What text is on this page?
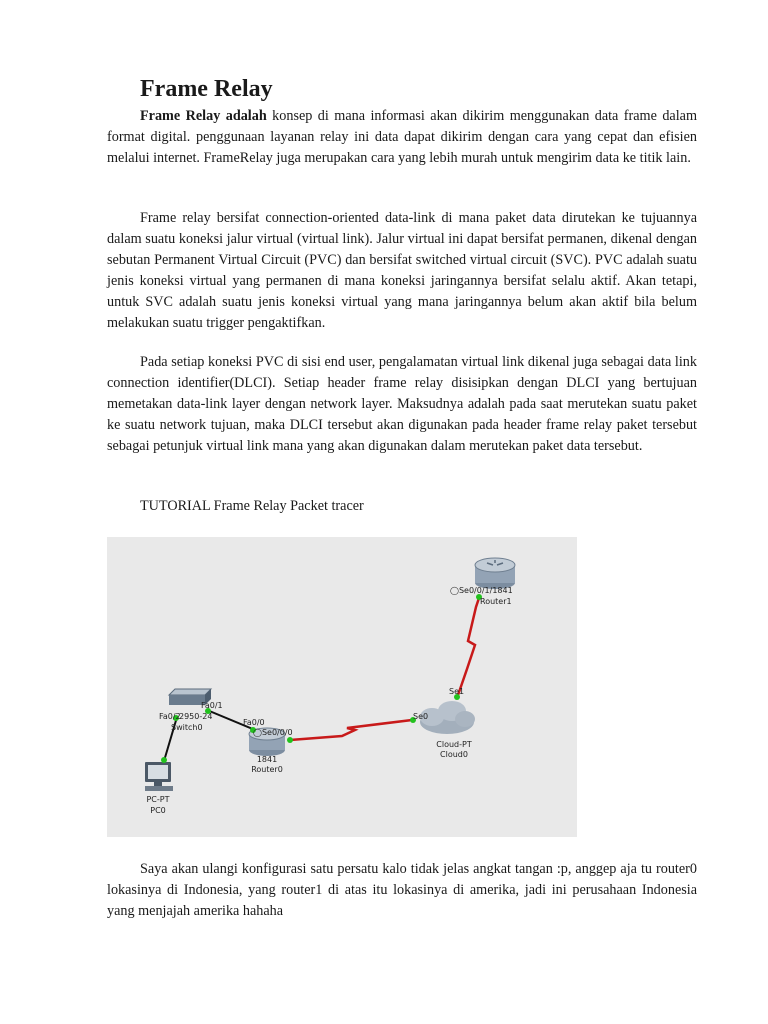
Frame Relay

Frame Relay adalah konsep di mana informasi akan dikirim menggunakan data frame dalam format digital. penggunaan layanan relay ini data dapat dikirim dengan cara yang cepat dan efisien melalui internet. FrameRelay juga merupakan cara yang lebih murah untuk mengirim data ke titik lain.

Frame relay bersifat connection-oriented data-link di mana paket data dirutekan ke tujuannya dalam suatu koneksi jalur virtual (virtual link). Jalur virtual ini dapat bersifat permanen, dikenal dengan sebutan Permanent Virtual Circuit (PVC) dan bersifat switched virtual circuit (SVC). PVC adalah suatu jenis koneksi virtual yang permanen di mana koneksi jaringannya bersifat selalu aktif. Akan tetapi, untuk SVC adalah suatu jenis koneksi virtual yang mana jaringannya belum akan aktif bila belum melakukan suatu trigger pengaktifkan.

Pada setiap koneksi PVC di sisi end user, pengalamatan virtual link dikenal juga sebagai data link connection identifier(DLCI). Setiap header frame relay disisipkan dengan DLCI yang bertujuan memetakan data-link layer dengan network layer. Maksudnya adalah pada saat merutekan suatu paket ke suatu network tujuan, maka DLCI tersebut akan digunakan pada header frame relay paket tersebut sebagai petunjuk virtual link mana yang akan digunakan dalam merutekan paket data tersebut.

TUTORIAL Frame Relay Packet tracer

◯Se0/0/1/1841
Router1
Se1
Se0
Cloud-PT
Cloud0
Fa0/0
◯Se0/0/0
1841
Router0
Fa0/1
Fa0/2
2950-24
Switch0
PC-PT
PC0

Saya akan ulangi konfigurasi satu persatu kalo tidak jelas angkat tangan :p, anggep aja tu router0 lokasinya di Indonesia, yang router1 di atas itu lokasinya di amerika, jadi ini perusahaan Indonesia yang menjajah amerika hahaha
